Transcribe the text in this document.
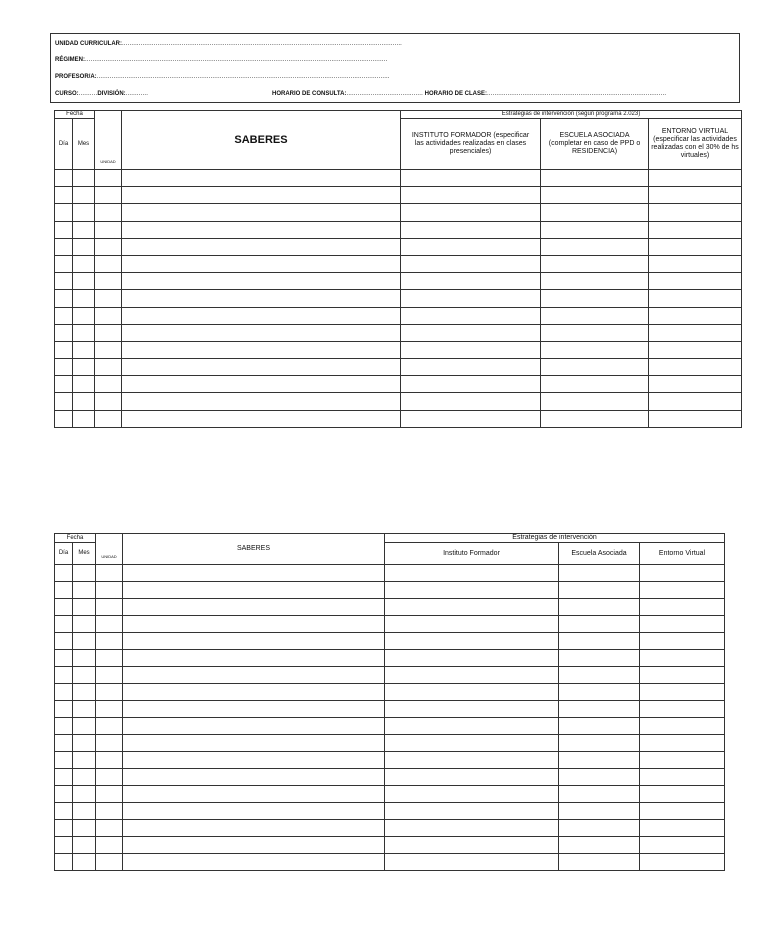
UNIDAD CURRICULAR:......................................................................................................................................................
RÉGIMEN:..................................................................................................................................................................
PROFESOR/A:.............................................................................................................................................................
CURSO:..........DIVISIÓN:............	HORARIO DE CONSULTA:......................................... HORARIO DE CLASE:................................................................................................
Fecha		UNIDAD	SABERES	Estrategias de intervención (según programa 2.023)		
Día	Mes			INSTITUTO FORMADOR (especificar las actividades realizadas en clases presenciales)	ESCUELA ASOCIADA (completar en caso de PPD o RESIDENCIA)	ENTORNO VIRTUAL (especificar las actividades realizadas con el 30% de hs virtuales)

Fecha		UNIDAD	SABERES	Estrategias de intervención		
Día	Mes			Instituto Formador	Escuela Asociada	Entorno Virtual
